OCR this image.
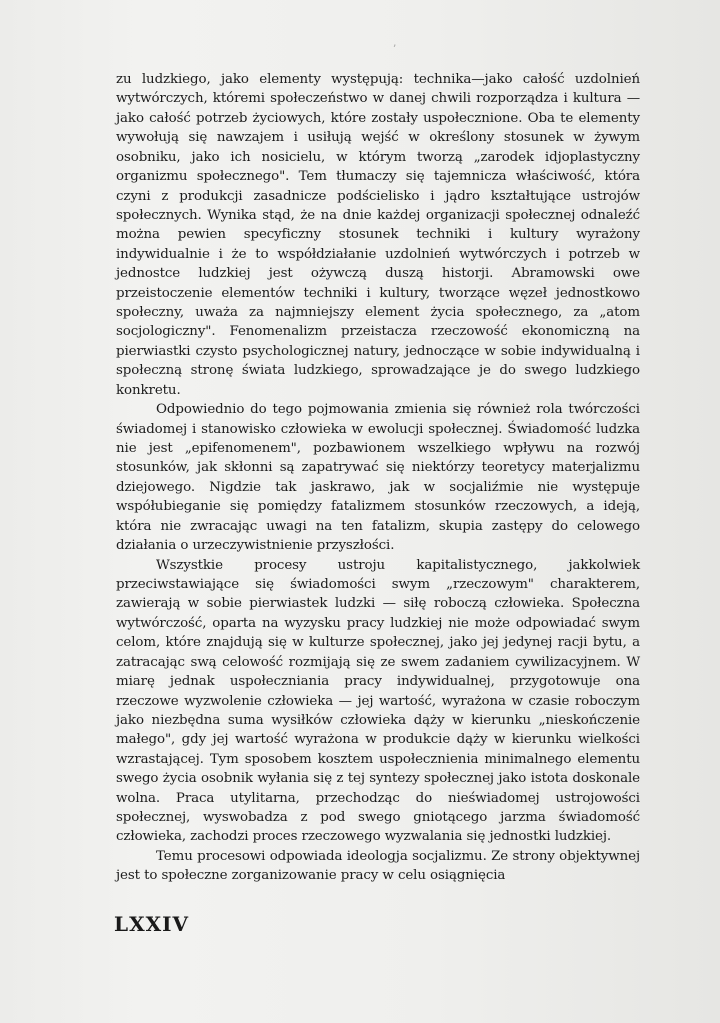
’

zu ludzkiego, jako elementy występują: technika—jako całość uzdolnień wytwórczych, któremi społeczeństwo w danej chwili rozporządza i kultura — jako całość potrzeb życiowych, które zostały uspołecznione. Oba te elementy wywołują się nawzajem i usiłują wejść w określony stosunek w żywym osobniku, jako ich nosicielu, w którym tworzą „zarodek idjoplastyczny organizmu społecznego". Tem tłumaczy się tajemnicza właściwość, która czyni z produkcji zasadnicze podścielisko i jądro kształtujące ustrojów społecznych. Wynika stąd, że na dnie każdej organizacji społecznej odnaleźć można pewien specyficzny stosunek techniki i kultury wyrażony indywidualnie i że to współdziałanie uzdolnień wytwórczych i potrzeb w jednostce ludzkiej jest ożywczą duszą historji. Abramowski owe przeistoczenie elementów techniki i kultury, tworzące węzeł jednostkowo społeczny, uważa za najmniejszy element życia społecznego, za „atom socjologiczny". Fenomenalizm przeistacza rzeczowość ekonomiczną na pierwiastki czysto psychologicznej natury, jednoczące w sobie indywidualną i społeczną stronę świata ludzkiego, sprowadzające je do swego ludzkiego konkretu.

Odpowiednio do tego pojmowania zmienia się również rola twórczości świadomej i stanowisko człowieka w ewolucji społecznej. Świadomość ludzka nie jest „epifenomenem", pozbawionem wszelkiego wpływu na rozwój stosunków, jak skłonni są zapatrywać się niektórzy teoretycy materjalizmu dziejowego. Nigdzie tak jaskrawo, jak w socjaliźmie nie występuje współubieganie się pomiędzy fatalizmem stosunków rzeczowych, a ideją, która nie zwracając uwagi na ten fatalizm, skupia zastępy do celowego działania o urzeczywistnienie przyszłości.

Wszystkie procesy ustroju kapitalistycznego, jakkolwiek przeciwstawiające się świadomości swym „rzeczowym" charakterem, zawierają w sobie pierwiastek ludzki — siłę roboczą człowieka. Społeczna wytwórczość, oparta na wyzysku pracy ludzkiej nie może odpowiadać swym celom, które znajdują się w kulturze społecznej, jako jej jedynej racji bytu, a zatracając swą celowość rozmijają się ze swem zadaniem cywilizacyjnem. W miarę jednak uspołeczniania pracy indywidualnej, przygotowuje ona rzeczowe wyzwolenie człowieka — jej wartość, wyrażona w czasie roboczym jako niezbędna suma wysiłków człowieka dąży w kierunku „nieskończenie małego", gdy jej wartość wyrażona w produkcie dąży w kierunku wielkości wzrastającej. Tym sposobem kosztem uspołecznienia minimalnego elementu swego życia osobnik wyłania się z tej syntezy społecznej jako istota doskonale wolna. Praca utylitarna, przechodząc do nieświadomej ustrojowości społecznej, wyswobadza z pod swego gniotącego jarzma świadomość człowieka, zachodzi proces rzeczowego wyzwalania się jednostki ludzkiej.

Temu procesowi odpowiada ideologja socjalizmu. Ze strony objektywnej jest to społeczne zorganizowanie pracy w celu osiągnięcia

LXXIV
